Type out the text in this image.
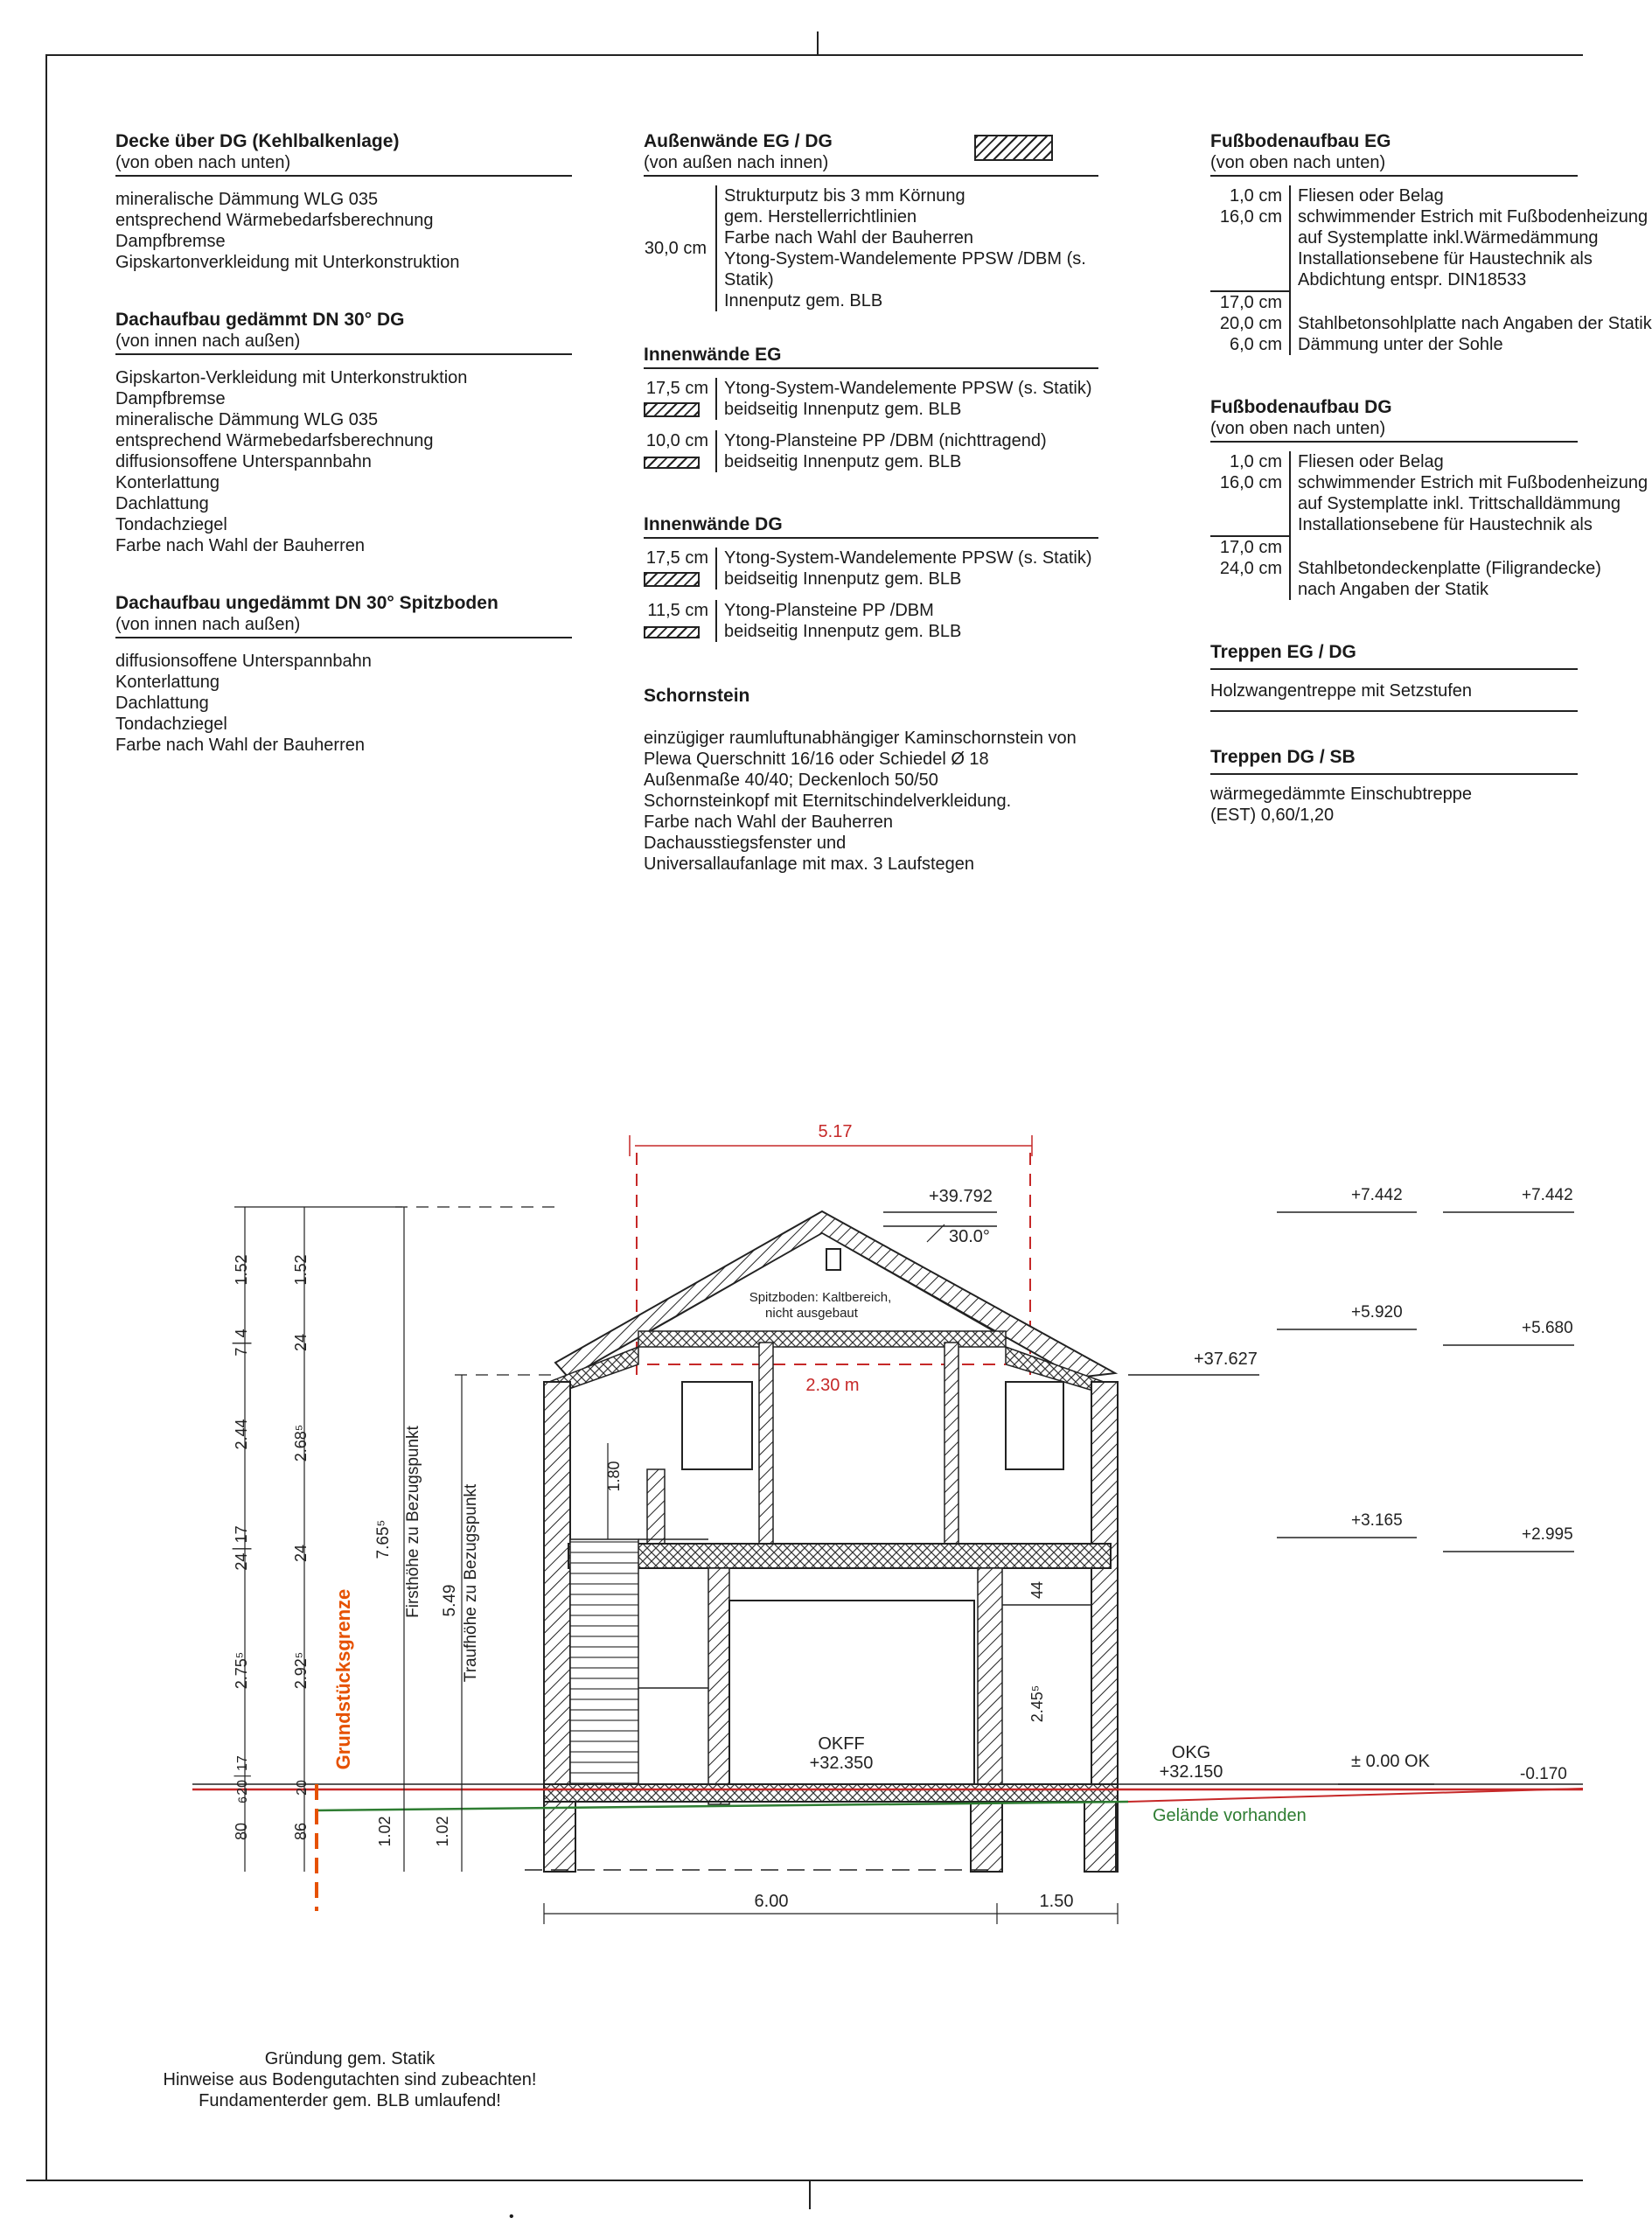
Decke über DG (Kehlbalkenlage)
(von oben nach unten)

mineralische Dämmung WLG 035

entsprechend Wärmebedarfsberechnung

Dampfbremse

Gipskartonverkleidung mit Unterkonstruktion

Dachaufbau gedämmt DN 30° DG
(von innen nach außen)

Gipskarton-Verkleidung mit Unterkonstruktion

Dampfbremse

mineralische Dämmung WLG 035

entsprechend Wärmebedarfsberechnung

diffusionsoffene Unterspannbahn

Konterlattung

Dachlattung

Tondachziegel

Farbe nach Wahl der Bauherren

Dachaufbau ungedämmt DN 30° Spitzboden
(von innen nach außen)

diffusionsoffene Unterspannbahn

Konterlattung

Dachlattung

Tondachziegel

Farbe nach Wahl der Bauherren

Außenwände EG / DG
(von außen nach innen)
30,0 cm

Strukturputz bis 3 mm Körnung

gem. Herstellerrichtlinien

Farbe nach Wahl der Bauherren

Ytong-System-Wandelemente PPSW /DBM (s. Statik)

Innenputz gem. BLB

Innenwände EG
17,5 cm Ytong-System-Wandelemente PPSW (s. Statik)

beidseitig Innenputz gem. BLB

10,0 cm Ytong-Plansteine PP /DBM (nichttragend)

beidseitig Innenputz gem. BLB

Innenwände DG
17,5 cm Ytong-System-Wandelemente PPSW (s. Statik)

beidseitig Innenputz gem. BLB

11,5 cm Ytong-Plansteine PP /DBM

beidseitig Innenputz gem. BLB

Schornstein

einzügiger raumluftunabhängiger Kaminschornstein von

Plewa Querschnitt 16/16 oder Schiedel Ø 18

Außenmaße 40/40; Deckenloch 50/50

Schornsteinkopf mit Eternitschindelverkleidung.

Farbe nach Wahl der Bauherren

Dachausstiegsfenster und

Universallaufanlage mit max. 3 Laufstegen

Fußbodenaufbau EG
(von oben nach unten)
1,0 cm Fliesen oder Belag
16,0 cm schwimmender Estrich mit Fußbodenheizung
auf Systemplatte inkl.Wärmedämmung
Installationsebene für Haustechnik als
Abdichtung entspr. DIN18533
17,0 cm
20,0 cm Stahlbetonsohlplatte nach Angaben der Statik
6,0 cm Dämmung unter der Sohle
Fußbodenaufbau DG
(von oben nach unten)
1,0 cm Fliesen oder Belag
16,0 cm schwimmender Estrich mit Fußbodenheizung
auf Systemplatte inkl. Trittschalldämmung
Installationsebene für Haustechnik als
17,0 cm
24,0 cm Stahlbetondeckenplatte (Filigrandecke)
nach Angaben der Statik
Treppen EG / DG

Holzwangentreppe mit Setzstufen

Treppen DG / SB

wärmegedämmte Einschubtreppe

(EST) 0,60/1,20

5.17
+39.792
30.0°
Spitzboden: Kaltbereich,
nicht ausgebaut
2.30 m
+37.627
1.80
44
2.45⁵
OKFF
+32.350
OKG
+32.150
± 0.00 OK
Gelände vorhanden
Grundstücksgrenze
7.65⁵ Firsthöhe zu Bezugspunkt 5.49 Traufhöhe zu Bezugspunkt
1.02	1.02
1.52
7│4
2.44
24│17
2.75⁵
20│17
6
80
1.52
24
2.68⁵
24
2.92⁵
20
86
6.00	1.50
+7.442
+5.920
+3.165
-0.170
+7.442
+5.680
+2.995

Gründung gem. Statik

Hinweise aus Bodengutachten sind zubeachten!

Fundamenterder gem. BLB umlaufend!

•
